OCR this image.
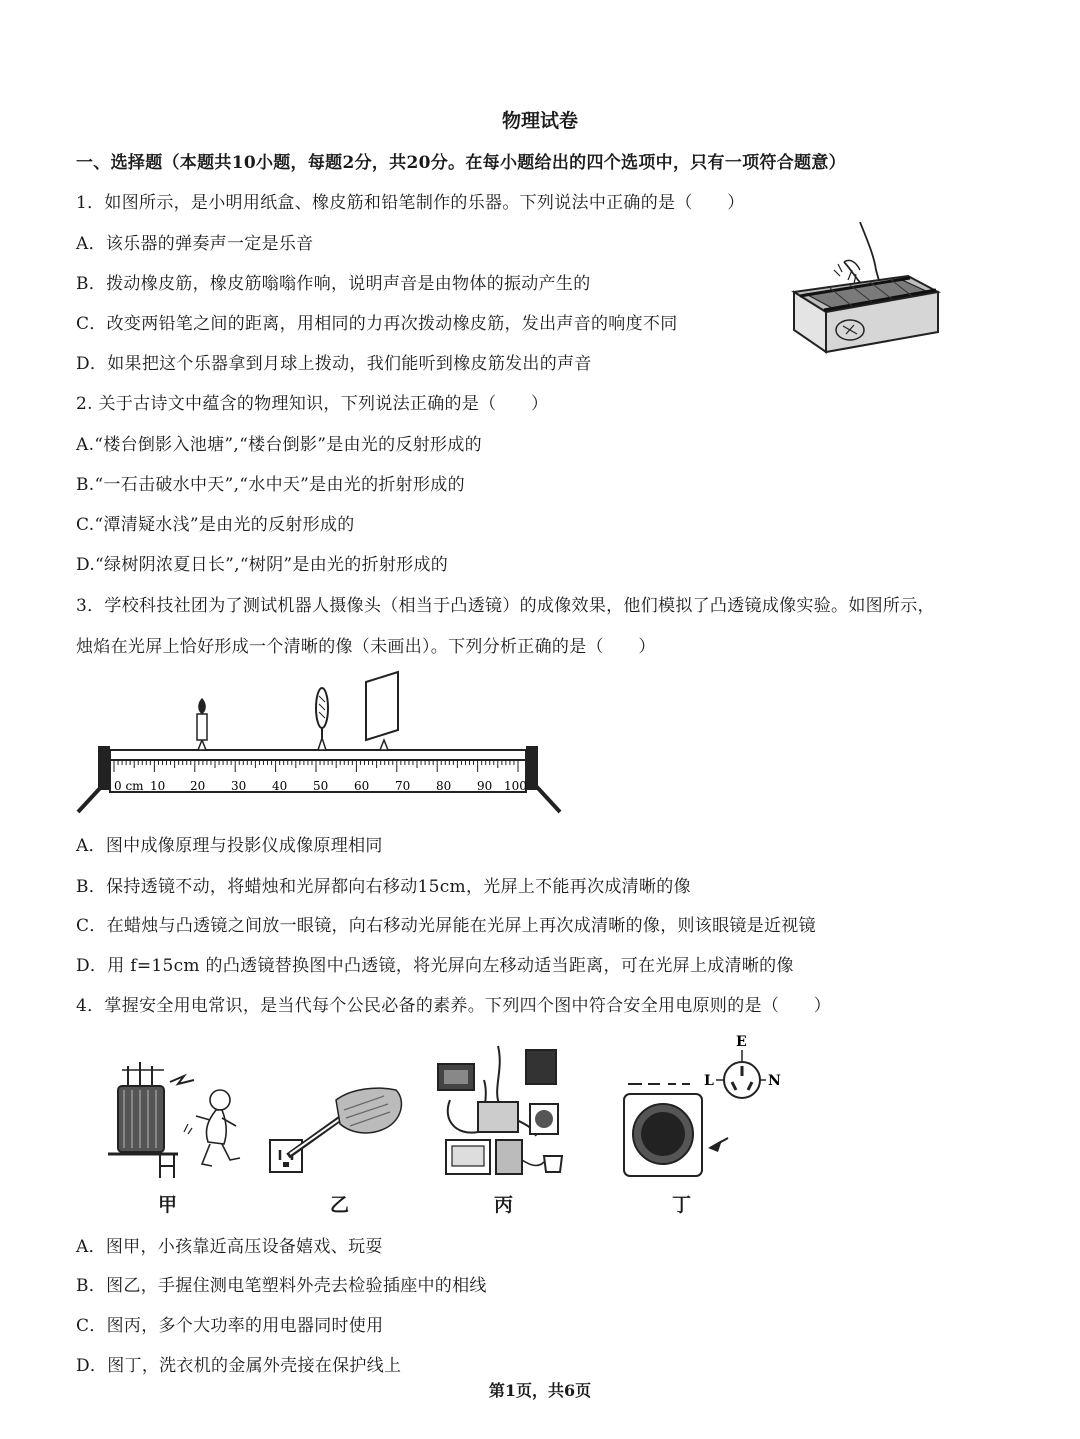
物理试卷
一、选择题（本题共10小题，每题2分，共20分。在每小题给出的四个选项中，只有一项符合题意）
1．如图所示，是小明用纸盒、橡皮筋和铅笔制作的乐器。下列说法中正确的是（　　）
A．该乐器的弹奏声一定是乐音
B．拨动橡皮筋，橡皮筋嗡嗡作响，说明声音是由物体的振动产生的
C．改变两铅笔之间的距离，用相同的力再次拨动橡皮筋，发出声音的响度不同
D．如果把这个乐器拿到月球上拨动，我们能听到橡皮筋发出的声音
2. 关于古诗文中蕴含的物理知识，下列说法正确的是（　　）
A.“楼台倒影入池塘”,“楼台倒影”是由光的反射形成的
B.“一石击破水中天”,“水中天”是由光的折射形成的
C.“潭清疑水浅”是由光的反射形成的
D.“绿树阴浓夏日长”,“树阴”是由光的折射形成的
3．学校科技社团为了测试机器人摄像头（相当于凸透镜）的成像效果，他们模拟了凸透镜成像实验。如图所示，
烛焰在光屏上恰好形成一个清晰的像（未画出）。下列分析正确的是（　　）
0 cm 10 20 30 40 50 60 70 80 90 100
A．图中成像原理与投影仪成像原理相同
B．保持透镜不动，将蜡烛和光屏都向右移动15cm，光屏上不能再次成清晰的像
C．在蜡烛与凸透镜之间放一眼镜，向右移动光屏能在光屏上再次成清晰的像，则该眼镜是近视镜
D．用 f=15cm 的凸透镜替换图中凸透镜，将光屏向左移动适当距离，可在光屏上成清晰的像
4．掌握安全用电常识，是当代每个公民必备的素养。下列四个图中符合安全用电原则的是（　　）
E
L	N
甲	乙	丙	丁
A．图甲，小孩靠近高压设备嬉戏、玩耍
B．图乙，手握住测电笔塑料外壳去检验插座中的相线
C．图丙，多个大功率的用电器同时使用
D．图丁，洗衣机的金属外壳接在保护线上
第1页，共6页
